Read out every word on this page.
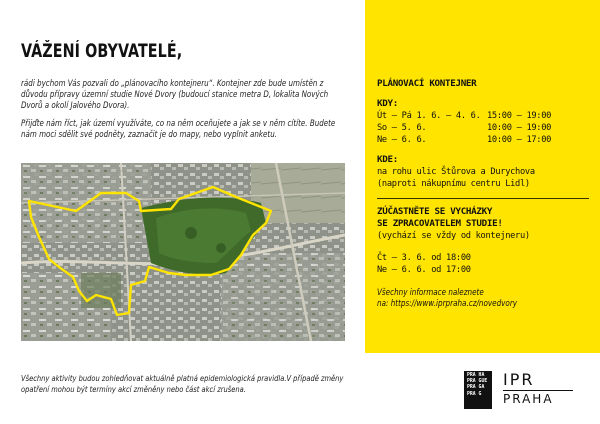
VÁŽENÍ OBYVATELÉ,

rádi bychom Vás pozvali do „plánovacího kontejneru“. Kontejner zde bude umístěn z důvodu přípravy územní studie Nové Dvory (budoucí stanice metra D, lokalita Nových Dvorů a okolí Jalového Dvora).

Přijďte nám říct, jak území využíváte, co na něm oceňujete a jak se v něm cítíte. Budete nám moci sdělit své podněty, zaznačit je do mapy, nebo vyplnit anketu.

Všechny aktivity budou zohledňovat aktuálně platná epidemiologická pravidla.V případě změny opatření mohou být termíny akcí změněny nebo část akcí zrušena.
PRA HA
PRA GUE
PRA GA
PRA G
IPR
PRAHA
PLÁNOVACÍ KONTEJNER
KDY:
Út – Pá 1. 6. – 4. 6. 15:00 – 19:00
So – 5. 6.	10:00 – 19:00
Ne – 6. 6.	10:00 – 17:00
KDE:
na rohu ulic Štůrova a Durychova
(naproti nákupnímu centru Lidl)
ZÚČASTNĚTE SE VYCHÁZKY
SE ZPRACOVATELEM STUDIE!
(vychází se vždy od kontejneru)
Čt – 3. 6. od 18:00
Ne – 6. 6. od 17:00
Všechny informace naleznete
na: https://www.iprpraha.cz/novedvory
